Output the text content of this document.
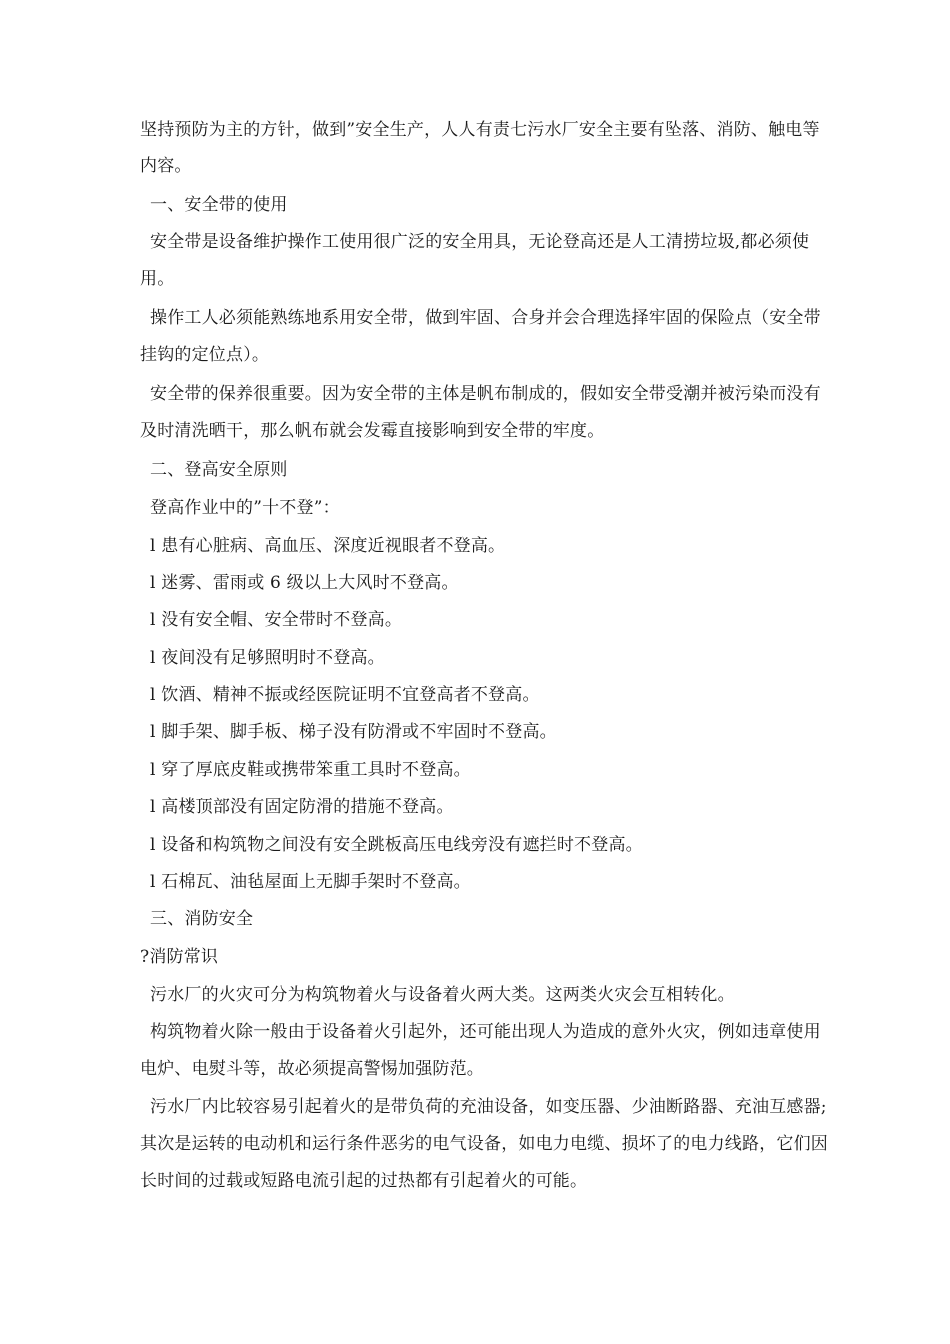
坚持预防为主的方针，做到”安全生产，人人有责七污水厂安全主要有坠落、消防、触电等
内容。
一、安全带的使用
安全带是设备维护操作工使用很广泛的安全用具，无论登高还是人工清捞垃圾,都必须使
用。
操作工人必须能熟练地系用安全带，做到牢固、合身并会合理选择牢固的保险点（安全带
挂钩的定位点）。
安全带的保养很重要。因为安全带的主体是帆布制成的，假如安全带受潮并被污染而没有
及时清洗晒干，那么帆布就会发霉直接影响到安全带的牢度。
二、登高安全原则
登高作业中的”十不登”：
l 患有心脏病、高血压、深度近视眼者不登高。
l 迷雾、雷雨或 6 级以上大风时不登高。
l 没有安全帽、安全带时不登高。
l 夜间没有足够照明时不登高。
l 饮酒、精神不振或经医院证明不宜登高者不登高。
l 脚手架、脚手板、梯子没有防滑或不牢固时不登高。
l 穿了厚底皮鞋或携带笨重工具时不登高。
l 高楼顶部没有固定防滑的措施不登高。
l 设备和构筑物之间没有安全跳板高压电线旁没有遮拦时不登高。
l 石棉瓦、油毡屋面上无脚手架时不登高。
三、消防安全
?消防常识
污水厂的火灾可分为构筑物着火与设备着火两大类。这两类火灾会互相转化。
构筑物着火除一般由于设备着火引起外，还可能出现人为造成的意外火灾，例如违章使用
电炉、电熨斗等，故必须提高警惕加强防范。
污水厂内比较容易引起着火的是带负荷的充油设备，如变压器、少油断路器、充油互感器;
其次是运转的电动机和运行条件恶劣的电气设备，如电力电缆、损坏了的电力线路，它们因
长时间的过载或短路电流引起的过热都有引起着火的可能。
